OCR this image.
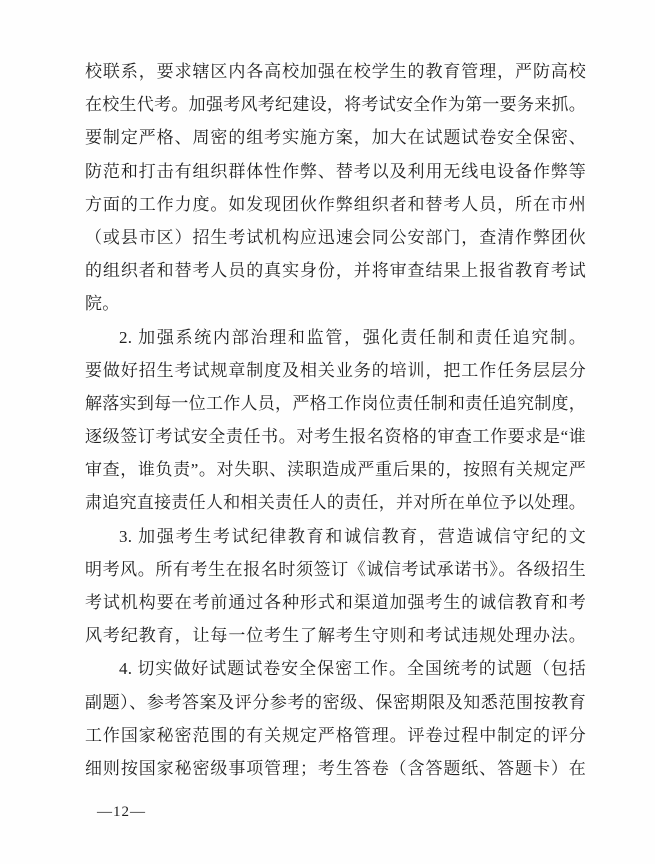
校联系，要求辖区内各高校加强在校学生的教育管理，严防高校

在校生代考。加强考风考纪建设，将考试安全作为第一要务来抓。

要制定严格、周密的组考实施方案，加大在试题试卷安全保密、

防范和打击有组织群体性作弊、替考以及利用无线电设备作弊等

方面的工作力度。如发现团伙作弊组织者和替考人员，所在市州

（或县市区）招生考试机构应迅速会同公安部门，查清作弊团伙

的组织者和替考人员的真实身份，并将审查结果上报省教育考试

院。

2. 加强系统内部治理和监管，强化责任制和责任追究制。

要做好招生考试规章制度及相关业务的培训，把工作任务层层分

解落实到每一位工作人员，严格工作岗位责任制和责任追究制度，

逐级签订考试安全责任书。对考生报名资格的审查工作要求是“谁

审查，谁负责”。对失职、渎职造成严重后果的，按照有关规定严

肃追究直接责任人和相关责任人的责任，并对所在单位予以处理。

3. 加强考生考试纪律教育和诚信教育，营造诚信守纪的文

明考风。所有考生在报名时须签订《诚信考试承诺书》。各级招生

考试机构要在考前通过各种形式和渠道加强考生的诚信教育和考

风考纪教育，让每一位考生了解考生守则和考试违规处理办法。

4. 切实做好试题试卷安全保密工作。全国统考的试题（包括

副题）、参考答案及评分参考的密级、保密期限及知悉范围按教育

工作国家秘密范围的有关规定严格管理。评卷过程中制定的评分

细则按国家秘密级事项管理；考生答卷（含答题纸、答题卡）在

—12—
